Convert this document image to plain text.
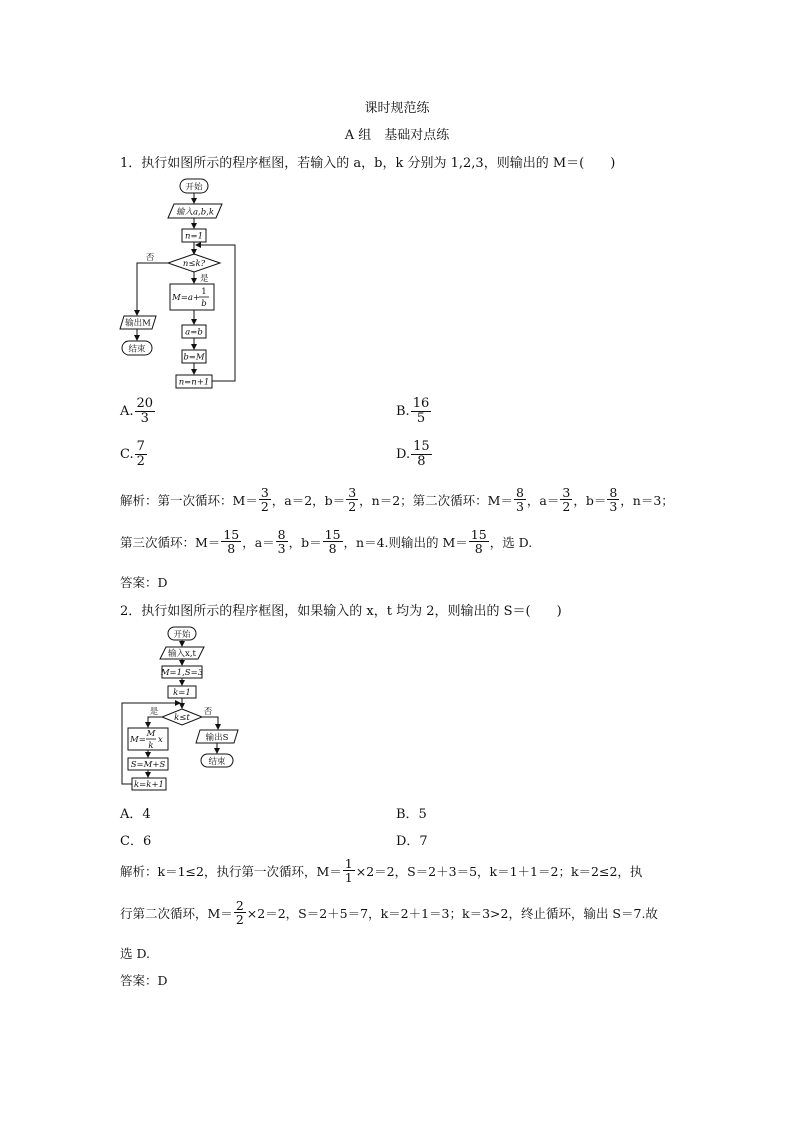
课时规范练
A 组　基础对点练
1．执行如图所示的程序框图，若输入的 a，b，k 分别为 1,2,3，则输出的 M＝(　　)
开始
输入a,b,k
n=1
n≤k?
否
是
M=a+
1
b
a=b
b=M
n=n+1
输出M
结束
A. $\frac{20}{3}$	B. $\frac{16}{5}$
C. $\frac{7}{2}$	D. $\frac{15}{8}$
解析： 第一次循环：$M= \frac{3}{2}$ ，a＝2，$b= \frac{3}{2}$ ，n＝2；第二次循环：$M= \frac{8}{3}$ ，$a= \frac{3}{2}$ ，$b= \frac{8}{3}$ ，n＝3；
第三次循环：$M= \frac{15}{8}$ ，$a= \frac{8}{3}$ ，$b= \frac{15}{8}$ ，n＝4.则输出的 $M= \frac{15}{8}$ ，选 D.
答案：D
2．执行如图所示的程序框图，如果输入的 x，t 均为 2，则输出的 S＝(　　)
开始
输入x,t
M=1,S=3
k=1
k≤t
是	否
M=
M
k
x
S=M+S
k=k+1
输出S
结束
A．4	B．5
C．6	D．7
解析：k＝1≤2，执行第一次循环，$M= \frac{1}{1} \times 2=2$，S＝2＋3＝5，k＝1＋1＝2；k＝2≤2，执
行第二次循环，$M= \frac{2}{2} \times 2=2$，S＝2＋5＝7，k＝2＋1＝3；k＝3>2，终止循环，输出 S＝7.故
选 D.
答案：D
